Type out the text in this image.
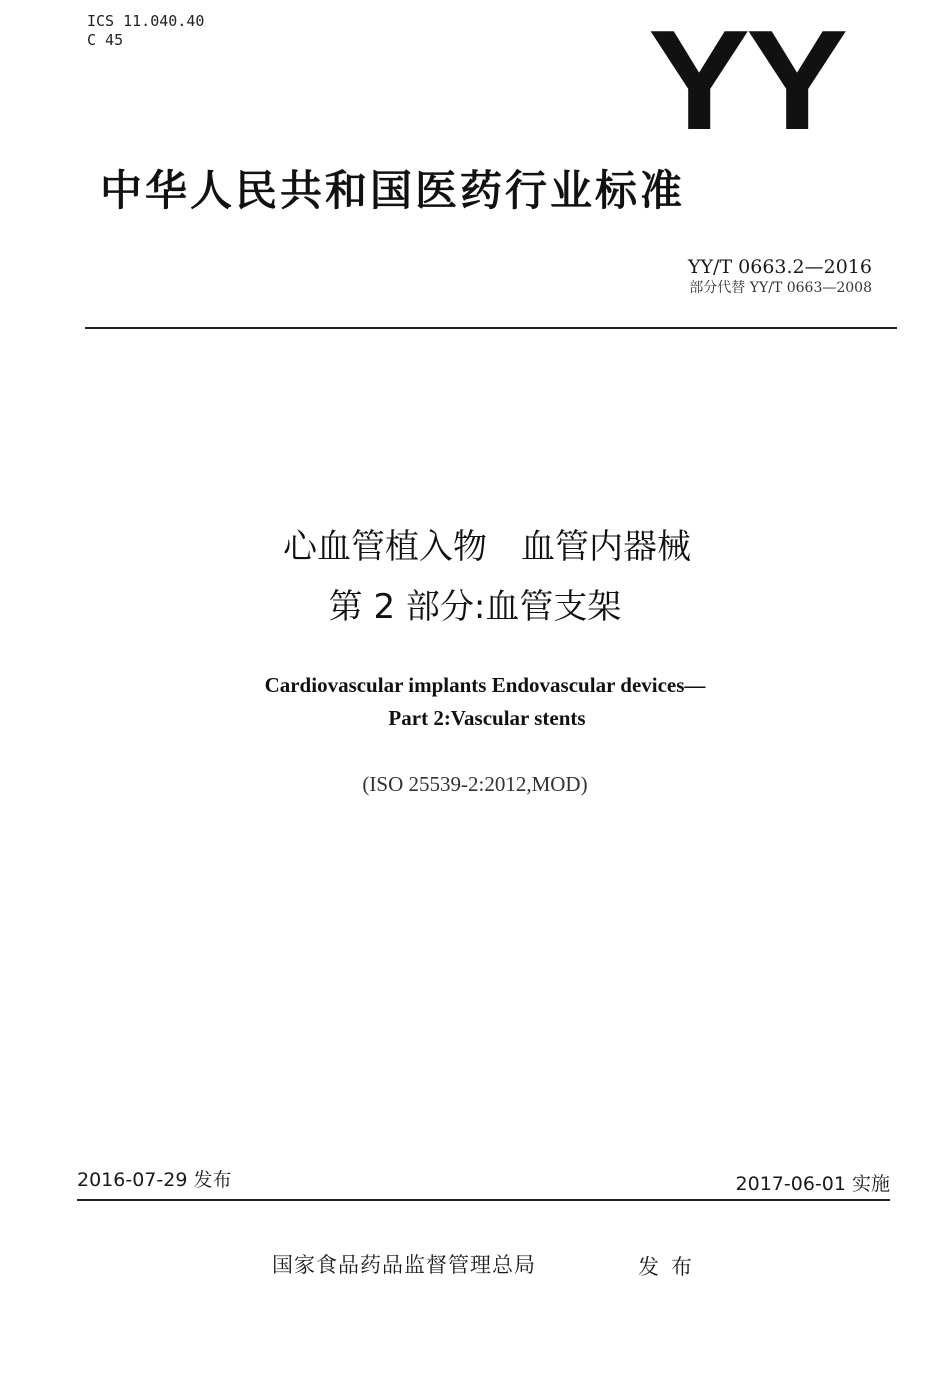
ICS 11.040.40
C 45	YY
中华人民共和国医药行业标准
YY/T 0663.2—2016
部分代替 YY/T 0663—2008
心血管植入物　血管内器械
第 2 部分:血管支架
Cardiovascular implants Endovascular devices—
Part 2:Vascular stents
(ISO 25539-2:2012,MOD)
2016-07-29 发布	2017-06-01 实施
国家食品药品监督管理总局	发布
